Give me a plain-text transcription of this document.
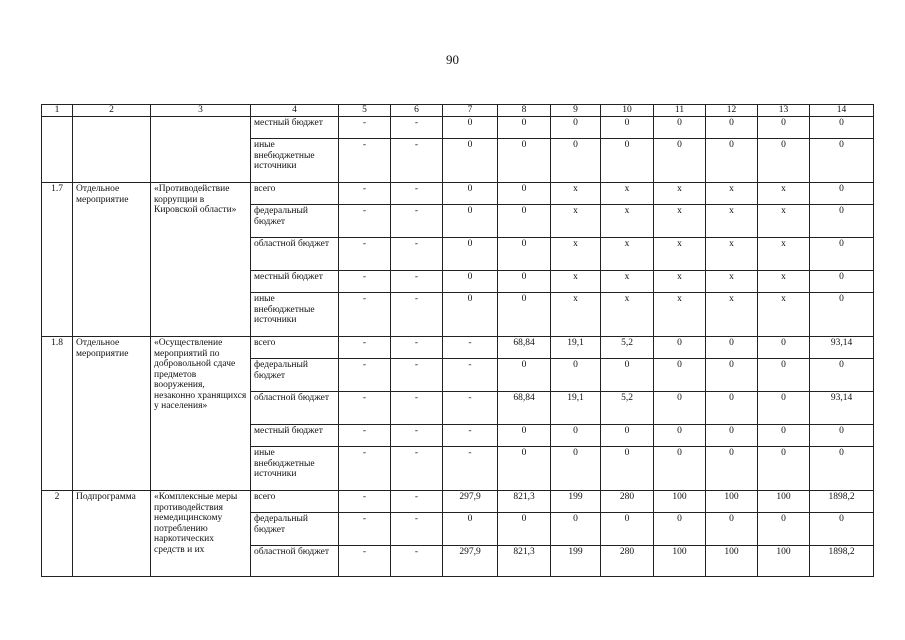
90
1	2	3	4	5	6	7	8	9	10	11	12	13	14
			местный бюджет	-	-	0	0	0	0	0	0	0	0
			иные внебюджетные источники	-	-	0	0	0	0	0	0	0	0
1.7	Отдельное мероприятие	«Противодействие коррупции в Кировской области»	всего	-	-	0	0	х	х	х	х	х	0
			федеральный бюджет	-	-	0	0	х	х	х	х	х	0
			областной бюджет	-	-	0	0	х	х	х	х	х	0
			местный бюджет	-	-	0	0	х	х	х	х	х	0
			иные внебюджетные источники	-	-	0	0	х	х	х	х	х	0
1.8	Отдельное мероприятие	«Осуществление мероприятий по добровольной сдаче предметов вооружения, незаконно хранящихся у населения»	всего	-	-	-	68,84	19,1	5,2	0	0	0	93,14
			федеральный бюджет	-	-	-	0	0	0	0	0	0	0
			областной бюджет	-	-	-	68,84	19,1	5,2	0	0	0	93,14
			местный бюджет	-	-	-	0	0	0	0	0	0	0
			иные внебюджетные источники	-	-	-	0	0	0	0	0	0	0
2	Подпрограмма	«Комплексные меры противодействия немедицинскому потреблению наркотических средств и их	всего	-	-	297,9	821,3	199	280	100	100	100	1898,2
			федеральный бюджет	-	-	0	0	0	0	0	0	0	0
			областной бюджет	-	-	297,9	821,3	199	280	100	100	100	1898,2
